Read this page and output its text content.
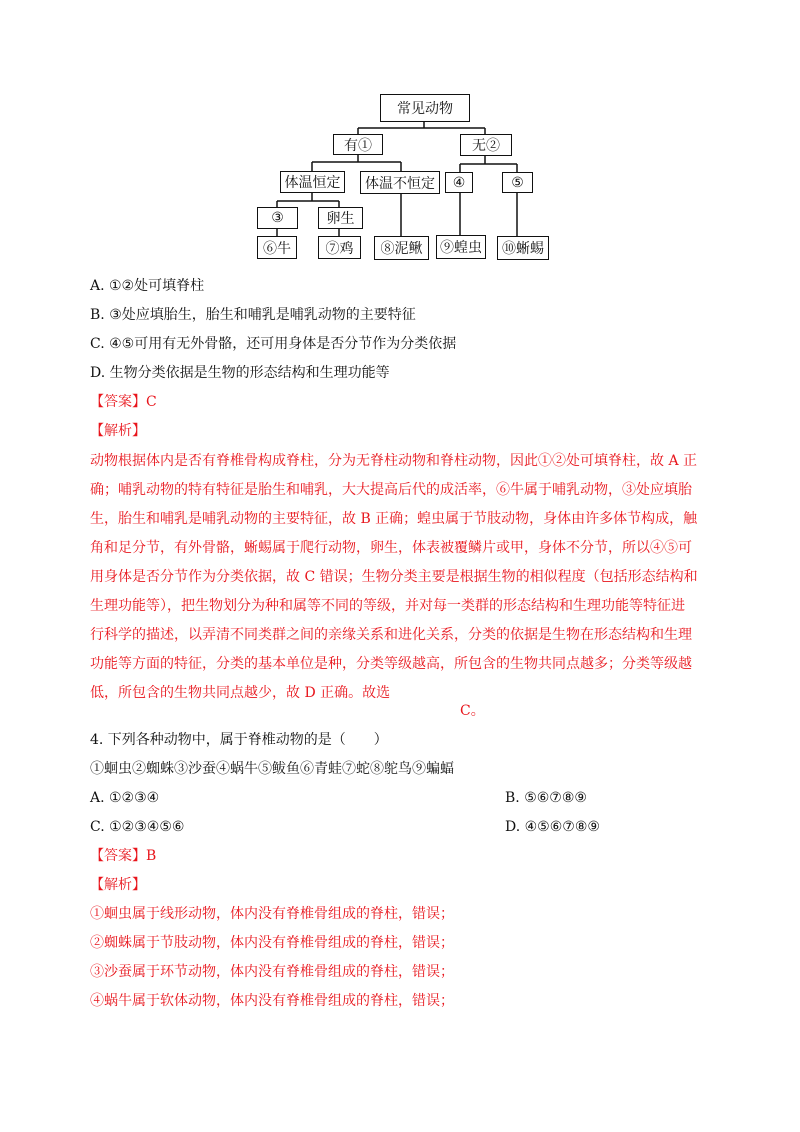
常见动物
有①	无②
体温恒定	体温不恒定	④	⑤
③	卵生
⑥牛	⑦鸡	⑧泥鳅	⑨蝗虫	⑩蜥蜴
A. ①②处可填脊柱
B. ③处应填胎生，胎生和哺乳是哺乳动物的主要特征
C. ④⑤可用有无外骨骼，还可用身体是否分节作为分类依据
D. 生物分类依据是生物的形态结构和生理功能等
【答案】C
【解析】
动物根据体内是否有脊椎骨构成脊柱，分为无脊柱动物和脊柱动物，因此①②处可填脊柱，故 A 正
确；哺乳动物的特有特征是胎生和哺乳，大大提高后代的成活率，⑥牛属于哺乳动物，③处应填胎
生，胎生和哺乳是哺乳动物的主要特征，故 B 正确；蝗虫属于节肢动物，身体由许多体节构成，触
角和足分节，有外骨骼，蜥蜴属于爬行动物，卵生，体表被覆鳞片或甲，身体不分节，所以④⑤可
用身体是否分节作为分类依据，故 C 错误；生物分类主要是根据生物的相似程度（包括形态结构和
生理功能等），把生物划分为种和属等不同的等级，并对每一类群的形态结构和生理功能等特征进
行科学的描述，以弄清不同类群之间的亲缘关系和进化关系，分类的依据是生物在形态结构和生理
功能等方面的特征，分类的基本单位是种，分类等级越高，所包含的生物共同点越多；分类等级越
低，所包含的生物共同点越少，故 D 正确。故选
C。
4. 下列各种动物中，属于脊椎动物的是（　　）
①蛔虫②蜘蛛③沙蚕④蜗牛⑤鲅鱼⑥青蛙⑦蛇⑧鸵鸟⑨蝙蝠
A. ①②③④	B. ⑤⑥⑦⑧⑨
C. ①②③④⑤⑥	D. ④⑤⑥⑦⑧⑨
【答案】B
【解析】
①蛔虫属于线形动物，体内没有脊椎骨组成的脊柱，错误；
②蜘蛛属于节肢动物，体内没有脊椎骨组成的脊柱，错误；
③沙蚕属于环节动物，体内没有脊椎骨组成的脊柱，错误；
④蜗牛属于软体动物，体内没有脊椎骨组成的脊柱，错误；
